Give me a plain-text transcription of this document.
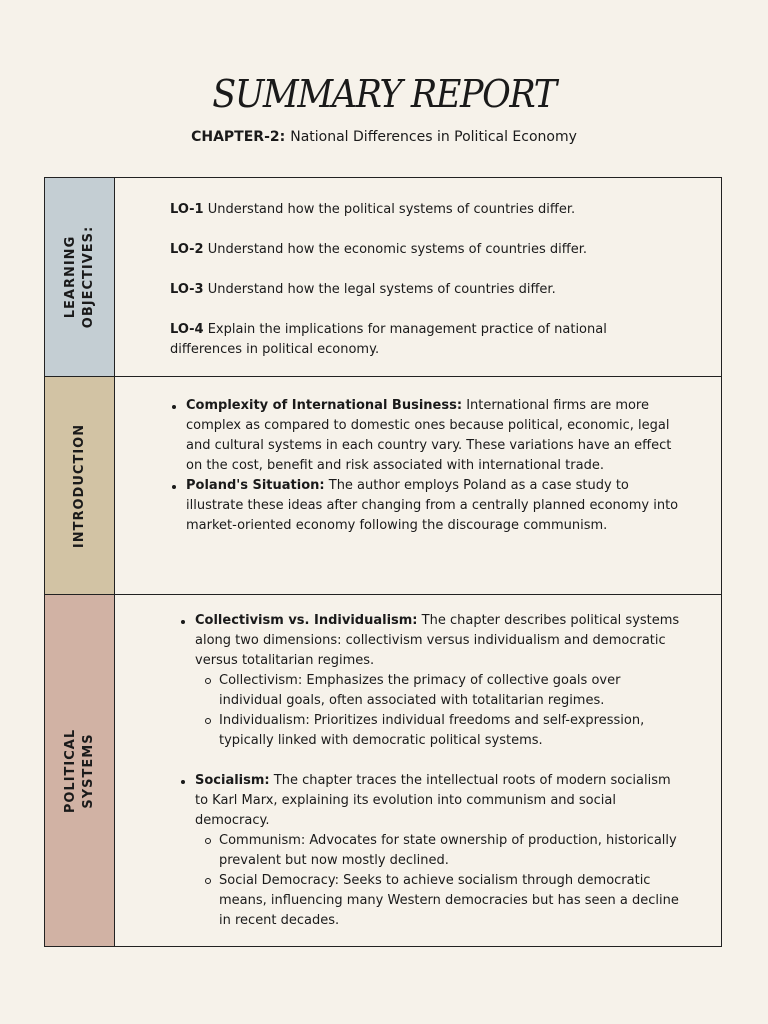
SUMMARY REPORT
CHAPTER-2: National Differences in Political Economy
LEARNING OBJECTIVES:

LO-1 Understand how the political systems of countries differ.

LO-2 Understand how the economic systems of countries differ.

LO-3 Understand how the legal systems of countries differ.

LO-4 Explain the implications for management practice of national differences in political economy.

INTRODUCTION
Complexity of International Business: International firms are more complex as compared to domestic ones because political, economic, legal and cultural systems in each country vary. These variations have an effect on the cost, benefit and risk associated with international trade.
Poland's Situation: The author employs Poland as a case study to illustrate these ideas after changing from a centrally planned economy into market-oriented economy following the discourage communism.
POLITICAL SYSTEMS
Collectivism vs. Individualism: The chapter describes political systems along two dimensions: collectivism versus individualism and democratic versus totalitarian regimes.
Collectivism: Emphasizes the primacy of collective goals over individual goals, often associated with totalitarian regimes.
Individualism: Prioritizes individual freedoms and self-expression, typically linked with democratic political systems.
Socialism: The chapter traces the intellectual roots of modern socialism to Karl Marx, explaining its evolution into communism and social democracy.
Communism: Advocates for state ownership of production, historically prevalent but now mostly declined.
Social Democracy: Seeks to achieve socialism through democratic means, influencing many Western democracies but has seen a decline in recent decades.
